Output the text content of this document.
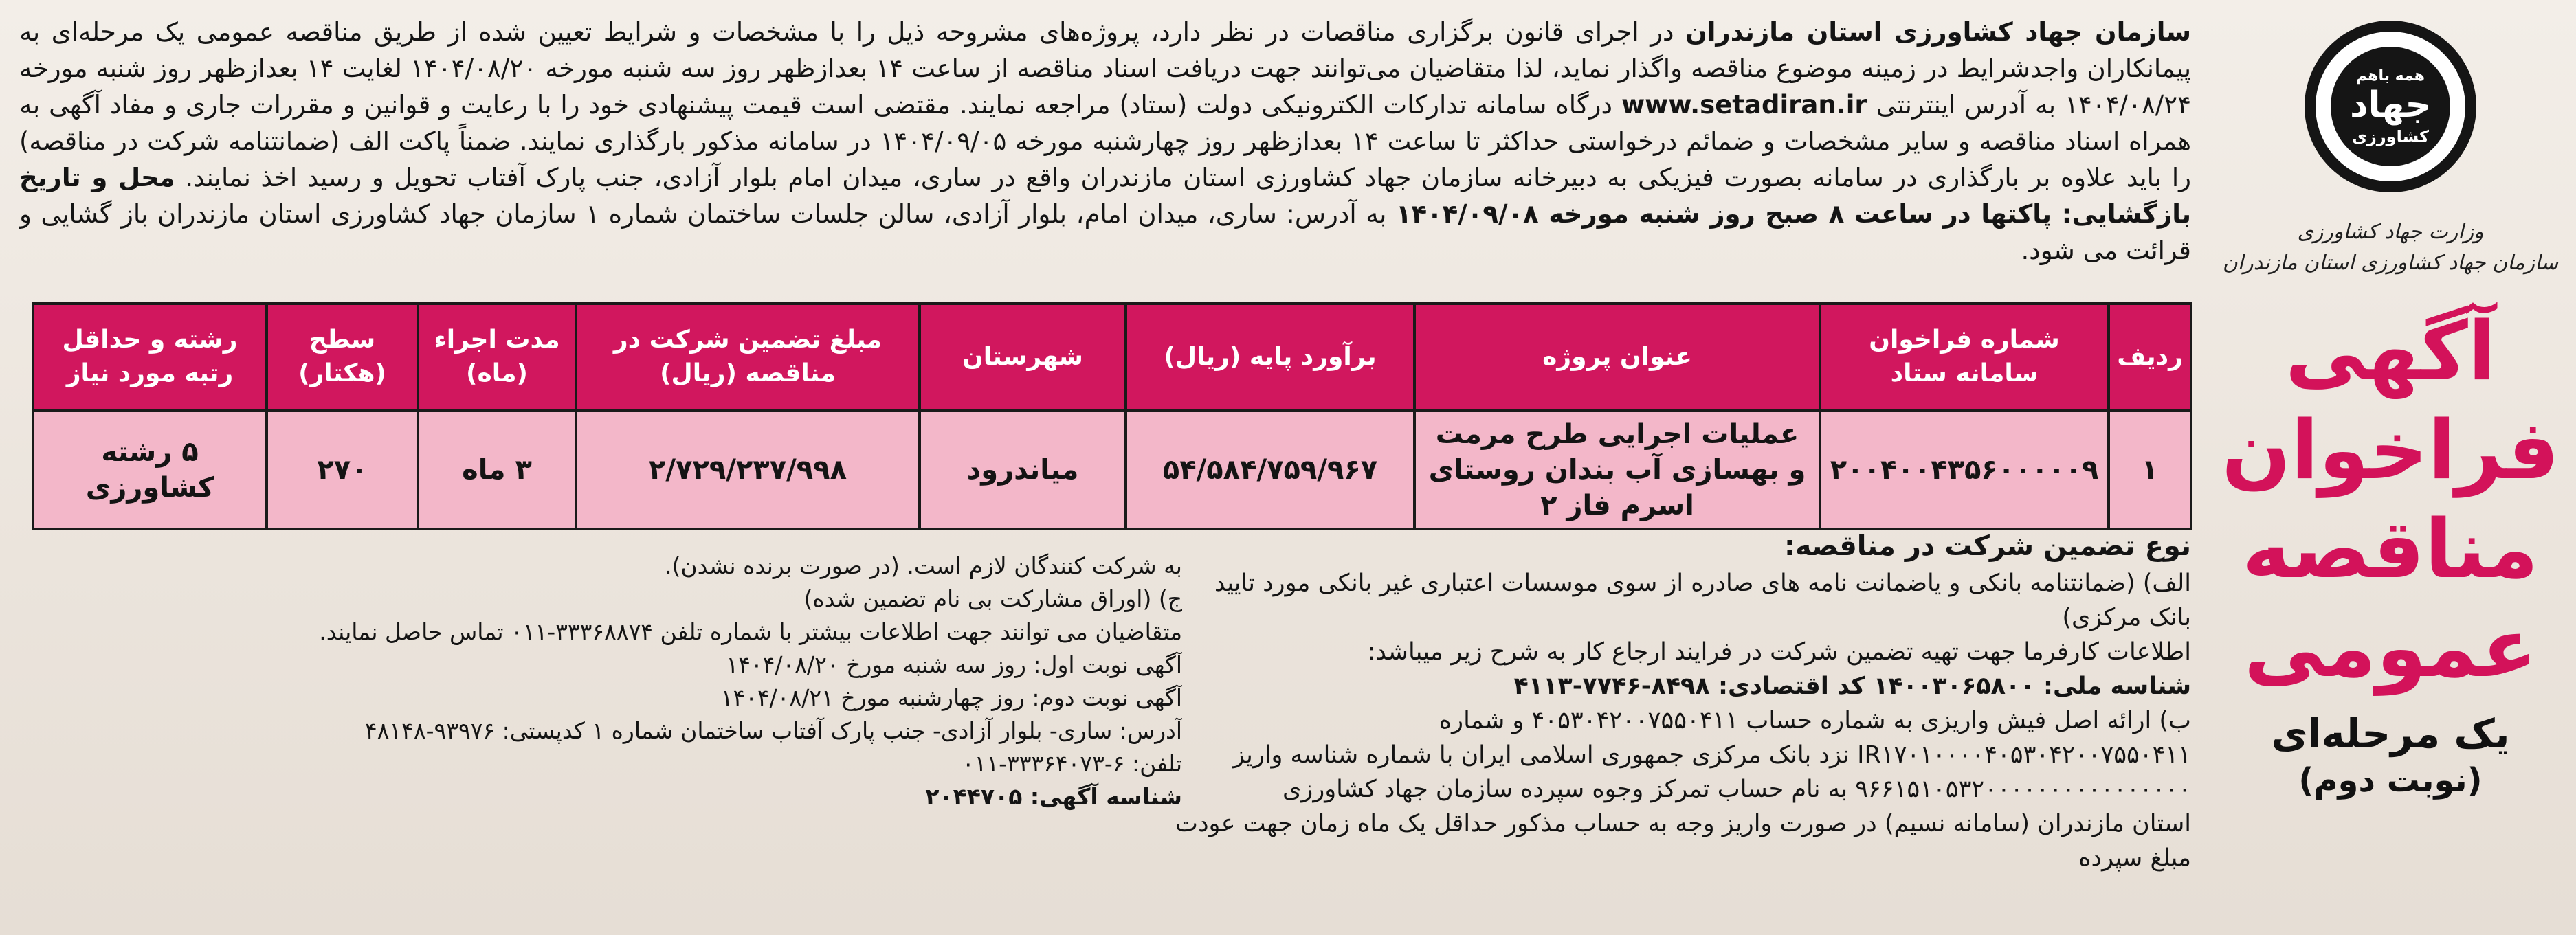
همه باهم
جهاد
کشاورزی
وزارت جهاد کشاورزی
سازمان جهاد کشاورزی استان مازندران
آگهی
فراخوان
مناقصه
عمومی
یک مرحله‌ای
(نوبت دوم)
سازمان جهاد کشاورزی استان مازندران در اجرای قانون برگزاری مناقصات در نظر دارد، پروژه‌های مشروحه ذیل را با مشخصات و شرایط تعیین شده از طریق مناقصه عمومی یک مرحله‌ای به پیمانکاران واجدشرایط در زمینه موضوع مناقصه واگذار نماید، لذا متقاضیان می‌توانند جهت دریافت اسناد مناقصه از ساعت ۱۴ بعدازظهر روز سه شنبه مورخه ۱۴۰۴/۰۸/۲۰ لغایت ۱۴ بعدازظهر روز شنبه مورخه ۱۴۰۴/۰۸/۲۴ به آدرس اینترنتی www.setadiran.ir درگاه سامانه تدارکات الکترونیکی دولت (ستاد) مراجعه نمایند. مقتضی است قیمت پیشنهادی خود را با رعایت و قوانین و مقررات جاری و مفاد آگهی به همراه اسناد مناقصه و سایر مشخصات و ضمائم درخواستی حداکثر تا ساعت ۱۴ بعدازظهر روز چهارشنبه مورخه ۱۴۰۴/۰۹/۰۵ در سامانه مذکور بارگذاری نمایند. ضمناً پاکت الف (ضمانتنامه شرکت در مناقصه) را باید علاوه بر بارگذاری در سامانه بصورت فیزیکی به دبیرخانه سازمان جهاد کشاورزی استان مازندران واقع در ساری، میدان امام بلوار آزادی، جنب پارک آفتاب تحویل و رسید اخذ نمایند. محل و تاریخ بازگشایی: پاکتها در ساعت ۸ صبح روز شنبه مورخه ۱۴۰۴/۰۹/۰۸ به آدرس: ساری، میدان امام، بلوار آزادی، سالن جلسات ساختمان شماره ۱ سازمان جهاد کشاورزی استان مازندران باز گشایی و قرائت می شود.
ردیف	شماره فراخوان سامانه ستاد	عنوان پروژه	برآورد پایه (ریال)	شهرستان	مبلغ تضمین شرکت در مناقصه (ریال)	مدت اجراء (ماه)	سطح (هکتار)	رشته و حداقل رتبه مورد نیاز
۱	۲۰۰۴۰۰۴۳۵۶۰۰۰۰۰۹	عملیات اجرایی طرح مرمت و بهسازی آب بندان روستای اسرم فاز ۲	۵۴/۵۸۴/۷۵۹/۹۶۷	میاندرود	۲/۷۲۹/۲۳۷/۹۹۸	۳ ماه	۲۷۰	۵ رشته کشاورزی
نوع تضمین شرکت در مناقصه:

الف) (ضمانتنامه بانکی و یاضمانت نامه های صادره از سوی موسسات اعتباری غیر بانکی مورد تایید بانک مرکزی)

اطلاعات کارفرما جهت تهیه تضمین شرکت در فرایند ارجاع کار به شرح زیر میباشد:

شناسه ملی: ۱۴۰۰۳۰۶۵۸۰۰ کد اقتصادی: ۸۴۹۸-۷۷۴۶-۴۱۱۳

ب) ارائه اصل فیش واریزی به شماره حساب ۴۰۵۳۰۴۲۰۰۷۵۵۰۴۱۱ و شماره

IR۱۷۰۱۰۰۰۰۴۰۵۳۰۴۲۰۰۷۵۵۰۴۱۱ نزد بانک مرکزی جمهوری اسلامی ایران با شماره شناسه واریز

۹۶۶۱۵۱۰۵۳۲۰۰۰۰۰۰۰۰۰۰۰۰۰۰۰۰ به نام حساب تمرکز وجوه سپرده سازمان جهاد کشاورزی

استان مازندران (سامانه نسیم) در صورت واریز وجه به حساب مذکور حداقل یک ماه زمان جهت عودت مبلغ سپرده

به شرکت کنندگان لازم است. (در صورت برنده نشدن).

ج) (اوراق مشارکت بی نام تضمین شده)

متقاضیان می توانند جهت اطلاعات بیشتر با شماره تلفن ۳۳۳۶۸۸۷۴-۰۱۱ تماس حاصل نمایند.

آگهی نوبت اول: روز سه شنبه مورخ ۱۴۰۴/۰۸/۲۰

آگهی نوبت دوم: روز چهارشنبه مورخ ۱۴۰۴/۰۸/۲۱

آدرس: ساری- بلوار آزادی- جنب پارک آفتاب ساختمان شماره ۱ کدپستی: ۹۳۹۷۶-۴۸۱۴۸

تلفن: ۶-۳۳۳۶۴۰۷۳-۰۱۱

شناسه آگهی: ۲۰۴۴۷۰۵
